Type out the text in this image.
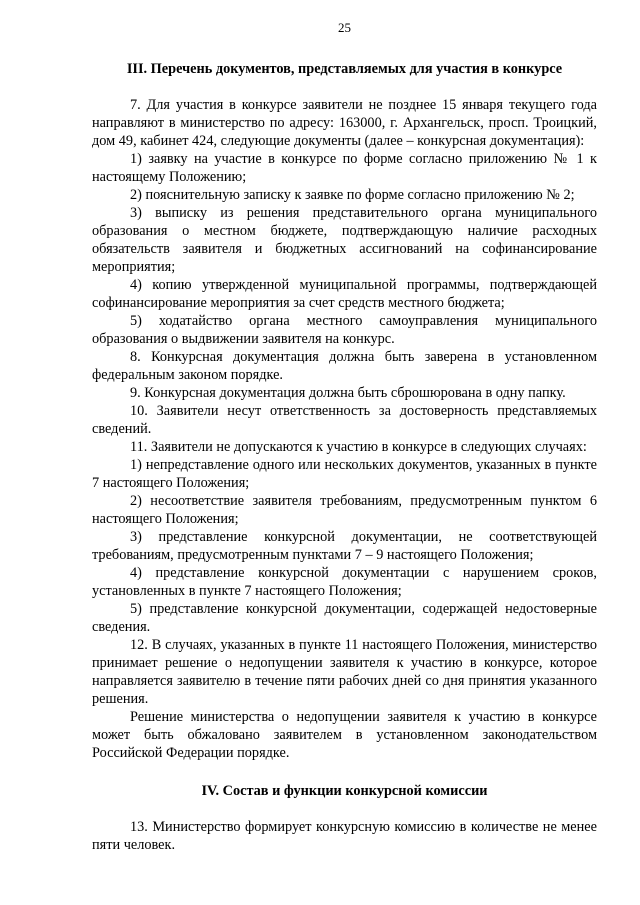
25
III. Перечень документов, представляемых для участия в конкурсе

7. Для участия в конкурсе заявители не позднее 15 января текущего года направляют в министерство по адресу: 163000, г. Архангельск, просп. Троицкий, дом 49, кабинет 424, следующие документы (далее – конкурсная документация):

1) заявку на участие в конкурсе по форме согласно приложению № 1 к настоящему Положению;

2) пояснительную записку к заявке по форме согласно приложению № 2;

3) выписку из решения представительного органа муниципального образования о местном бюджете, подтверждающую наличие расходных обязательств заявителя и бюджетных ассигнований на софинансирование мероприятия;

4) копию утвержденной муниципальной программы, подтверждающей софинансирование мероприятия за счет средств местного бюджета;

5) ходатайство органа местного самоуправления муниципального образования о выдвижении заявителя на конкурс.

8. Конкурсная документация должна быть заверена в установленном федеральным законом порядке.

9. Конкурсная документация должна быть сброшюрована в одну папку.

10. Заявители несут ответственность за достоверность представляемых сведений.

11. Заявители не допускаются к участию в конкурсе в следующих случаях:

1) непредставление одного или нескольких документов, указанных в пункте 7 настоящего Положения;

2) несоответствие заявителя требованиям, предусмотренным пунктом 6 настоящего Положения;

3) представление конкурсной документации, не соответствующей требованиям, предусмотренным пунктами 7 – 9 настоящего Положения;

4) представление конкурсной документации с нарушением сроков, установленных в пункте 7 настоящего Положения;

5) представление конкурсной документации, содержащей недостоверные сведения.

12. В случаях, указанных в пункте 11 настоящего Положения, министерство принимает решение о недопущении заявителя к участию в конкурсе, которое направляется заявителю в течение пяти рабочих дней со дня принятия указанного решения.

Решение министерства о недопущении заявителя к участию в конкурсе может быть обжаловано заявителем в установленном законодательством Российской Федерации порядке.

IV. Состав и функции конкурсной комиссии

13. Министерство формирует конкурсную комиссию в количестве не менее пяти человек.
